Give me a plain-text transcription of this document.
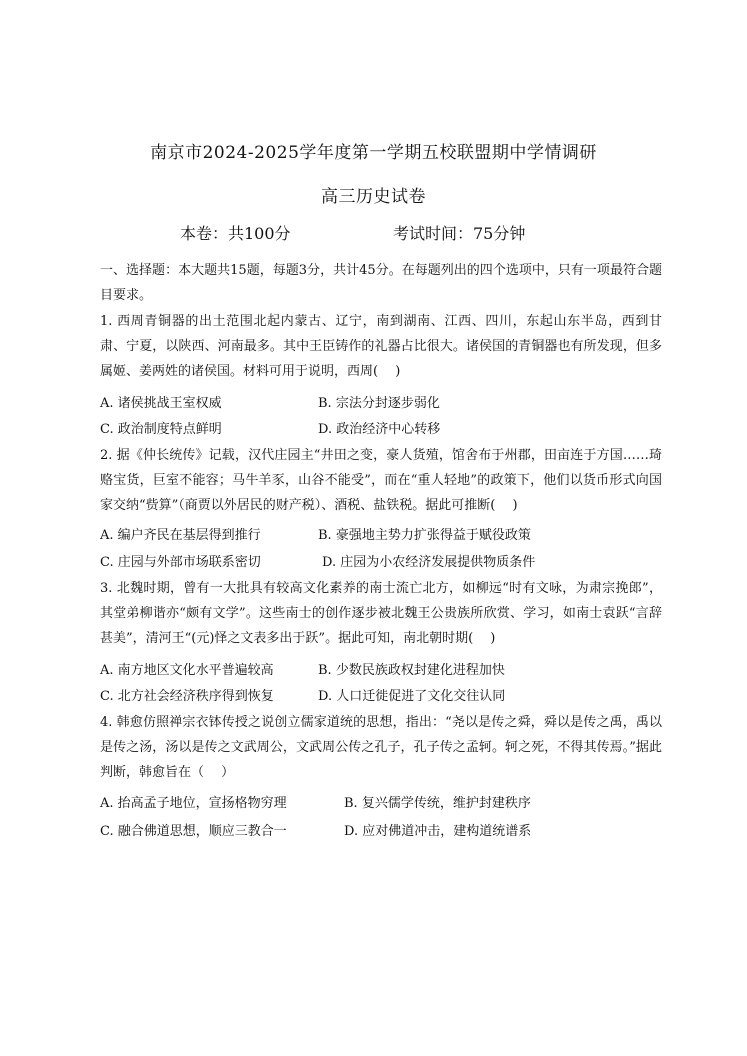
南京市2024-2025学年度第一学期五校联盟期中学情调研
高三历史试卷
本卷：共100分	考试时间：75分钟
一、选择题：本大题共15题，每题3分，共计45分。在每题列出的四个选项中，只有一项最符合题目要求。
1. 西周青铜器的出土范围北起内蒙古、辽宁，南到湖南、江西、四川，东起山东半岛，西到甘肃、宁夏，以陕西、河南最多。其中王臣铸作的礼器占比很大。诸侯国的青铜器也有所发现，但多属姬、姜两姓的诸侯国。材料可用于说明，西周(　 )
A. 诸侯挑战王室权威	B. 宗法分封逐步弱化
C. 政治制度特点鲜明	D. 政治经济中心转移
2. 据《仲长统传》记载，汉代庄园主“井田之变，豪人货殖，馆舍布于州郡，田亩连于方国……琦赂宝货，巨室不能容；马牛羊豕，山谷不能受”，而在“重人轻地”的政策下，他们以货币形式向国家交纳“赀算”（商贾以外居民的财产税）、酒税、盐铁税。据此可推断(　 )
A. 编户齐民在基层得到推行	B. 豪强地主势力扩张得益于赋役政策
C. 庄园与外部市场联系密切	D. 庄园为小农经济发展提供物质条件
3. 北魏时期，曾有一大批具有较高文化素养的南士流亡北方，如柳远“时有文咏，为肃宗挽郎”，其堂弟柳谐亦“颇有文学”。这些南士的创作逐步被北魏王公贵族所欣赏、学习，如南士袁跃“言辞甚美”，清河王“(元)怿之文表多出于跃”。据此可知，南北朝时期(　 )
A. 南方地区文化水平普遍较高	B. 少数民族政权封建化进程加快
C. 北方社会经济秩序得到恢复	D. 人口迁徙促进了文化交往认同
4. 韩愈仿照禅宗衣钵传授之说创立儒家道统的思想，指出：“尧以是传之舜，舜以是传之禹，禹以是传之汤，汤以是传之文武周公，文武周公传之孔子，孔子传之孟轲。轲之死，不得其传焉。”据此判断，韩愈旨在（　 ）
A. 抬高孟子地位，宣扬格物穷理	B. 复兴儒学传统，维护封建秩序
C. 融合佛道思想，顺应三教合一	D. 应对佛道冲击，建构道统谱系
